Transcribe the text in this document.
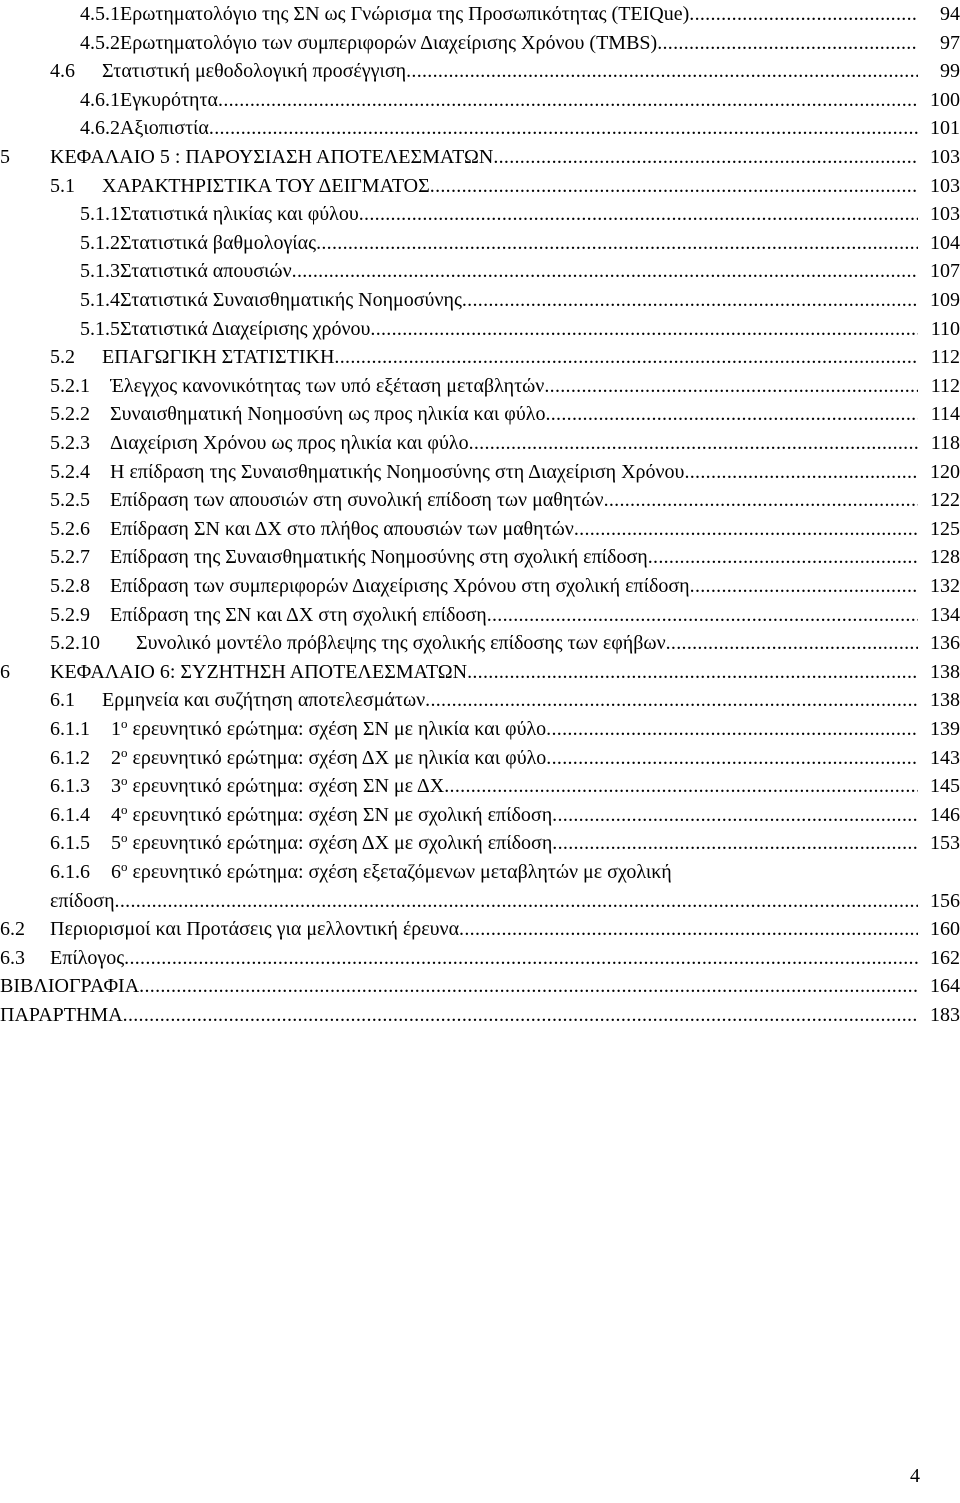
4.5.1 Ερωτηματολόγιο της ΣΝ ως Γνώρισμα της Προσωπικότητας (TEIQue) .....	94
4.5.2 Ερωτηματολόγιο των συμπεριφορών Διαχείρισης Χρόνου (TMBS) .....	97
4.6 Στατιστική μεθοδολογική προσέγγιση .....	99
4.6.1 Εγκυρότητα .....	100
4.6.2 Αξιοπιστία .....	101
5 ΚΕΦΑΛΑΙΟ 5 : ΠΑΡΟΥΣΙΑΣΗ ΑΠΟΤΕΛΕΣΜΑΤΩΝ .....	103
5.1 ΧΑΡΑΚΤΗΡΙΣΤΙΚΑ ΤΟΥ ΔΕΙΓΜΑΤΟΣ .....	103
5.1.1 Στατιστικά ηλικίας και φύλου .....	103
5.1.2 Στατιστικά βαθμολογίας .....	104
5.1.3 Στατιστικά απουσιών .....	107
5.1.4 Στατιστικά Συναισθηματικής Νοημοσύνης .....	109
5.1.5 Στατιστικά Διαχείρισης χρόνου .....	110
5.2 ΕΠΑΓΩΓΙΚΗ ΣΤΑΤΙΣΤΙΚΗ .....	112
5.2.1 Έλεγχος κανονικότητας των υπό εξέταση μεταβλητών .....	112
5.2.2 Συναισθηματική Νοημοσύνη ως προς ηλικία και φύλο .....	114
5.2.3 Διαχείριση Χρόνου ως προς ηλικία και φύλο .....	118
5.2.4 Η επίδραση της Συναισθηματικής Νοημοσύνης στη Διαχείριση Χρόνου .....	120
5.2.5 Επίδραση των απουσιών στη συνολική επίδοση των μαθητών .....	122
5.2.6 Επίδραση ΣΝ και ΔΧ στο πλήθος απουσιών των μαθητών .....	125
5.2.7 Επίδραση της Συναισθηματικής Νοημοσύνης στη σχολική επίδοση .....	128
5.2.8 Επίδραση των συμπεριφορών Διαχείρισης Χρόνου στη σχολική επίδοση .....	132
5.2.9 Επίδραση της ΣΝ και ΔΧ στη σχολική επίδοση .....	134
5.2.10 Συνολικό μοντέλο πρόβλεψης της σχολικής επίδοσης των εφήβων .....	136
6 ΚΕΦΑΛΑΙΟ 6: ΣΥΖΗΤΗΣΗ ΑΠΟΤΕΛΕΣΜΑΤΩΝ .....	138
6.1 Ερμηνεία και συζήτηση αποτελεσμάτων .....	138
6.1.1 $1^o$ ερευνητικό ερώτημα: σχέση ΣΝ με ηλικία και φύλο .....	139
6.1.2 $2^o$ ερευνητικό ερώτημα: σχέση ΔΧ με ηλικία και φύλο .....	143
6.1.3 $3^o$ ερευνητικό ερώτημα: σχέση ΣΝ με ΔΧ .....	145
6.1.4 $4^o$ ερευνητικό ερώτημα: σχέση ΣΝ με σχολική επίδοση .....	146
6.1.5 $5^o$ ερευνητικό ερώτημα: σχέση ΔΧ με σχολική επίδοση .....	153
6.1.6 $6^o$ ερευνητικό ερώτημα: σχέση εξεταζόμενων μεταβλητών με σχολική
επίδοση .....	156
6.2 Περιορισμοί και Προτάσεις για μελλοντική έρευνα .....	160
6.3 Επίλογος .....	162
ΒΙΒΛΙΟΓΡΑΦΙΑ .....	164
ΠΑΡΑΡΤΗΜΑ .....	183
4
